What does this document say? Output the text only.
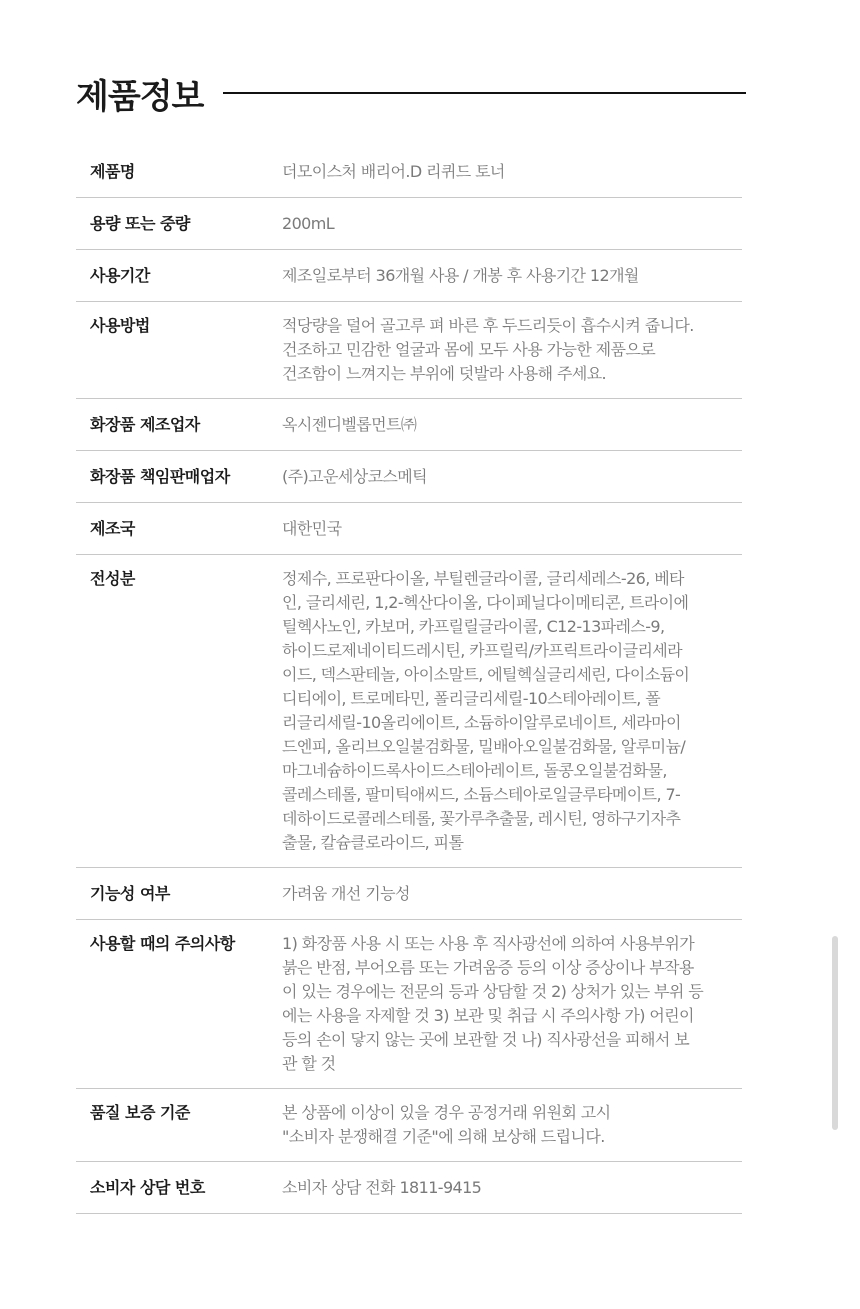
제품정보
제품명	더모이스처 배리어.D 리퀴드 토너
용량 또는 중량	200mL
사용기간	제조일로부터 36개월 사용 / 개봉 후 사용기간 12개월
사용방법	적당량을 덜어 골고루 펴 바른 후 두드리듯이 흡수시켜 줍니다.
건조하고 민감한 얼굴과 몸에 모두 사용 가능한 제품으로
건조함이 느껴지는 부위에 덧발라 사용해 주세요.
화장품 제조업자	옥시젠디벨롭먼트㈜
화장품 책임판매업자	(주)고운세상코스메틱
제조국	대한민국
전성분	정제수, 프로판다이올, 부틸렌글라이콜, 글리세레스-26, 베타
인, 글리세린, 1,2-헥산다이올, 다이페닐다이메티콘, 트라이에
틸헥사노인, 카보머, 카프릴릴글라이콜, C12-13파레스-9,
하이드로제네이티드레시틴, 카프릴릭/카프릭트라이글리세라
이드, 덱스판테놀, 아이소말트, 에틸헥실글리세린, 다이소듐이
디티에이, 트로메타민, 폴리글리세릴-10스테아레이트, 폴
리글리세릴-10올리에이트, 소듐하이알루로네이트, 세라마이
드엔피, 올리브오일불검화물, 밀배아오일불검화물, 알루미늄/
마그네슘하이드록사이드스테아레이트, 돌콩오일불검화물,
콜레스테롤, 팔미틱애씨드, 소듐스테아로일글루타메이트, 7-
데하이드로콜레스테롤, 꽃가루추출물, 레시틴, 영하구기자추
출물, 칼슘클로라이드, 피톨
기능성 여부	가려움 개선 기능성
사용할 때의 주의사항	1) 화장품 사용 시 또는 사용 후 직사광선에 의하여 사용부위가
붉은 반점, 부어오름 또는 가려움증 등의 이상 증상이나 부작용
이 있는 경우에는 전문의 등과 상담할 것 2) 상처가 있는 부위 등
에는 사용을 자제할 것 3) 보관 및 취급 시 주의사항 가) 어린이
등의 손이 닿지 않는 곳에 보관할 것 나) 직사광선을 피해서 보
관 할 것
품질 보증 기준	본 상품에 이상이 있을 경우 공정거래 위원회 고시
"소비자 분쟁해결 기준"에 의해 보상해 드립니다.
소비자 상담 번호	소비자 상담 전화 1811-9415
